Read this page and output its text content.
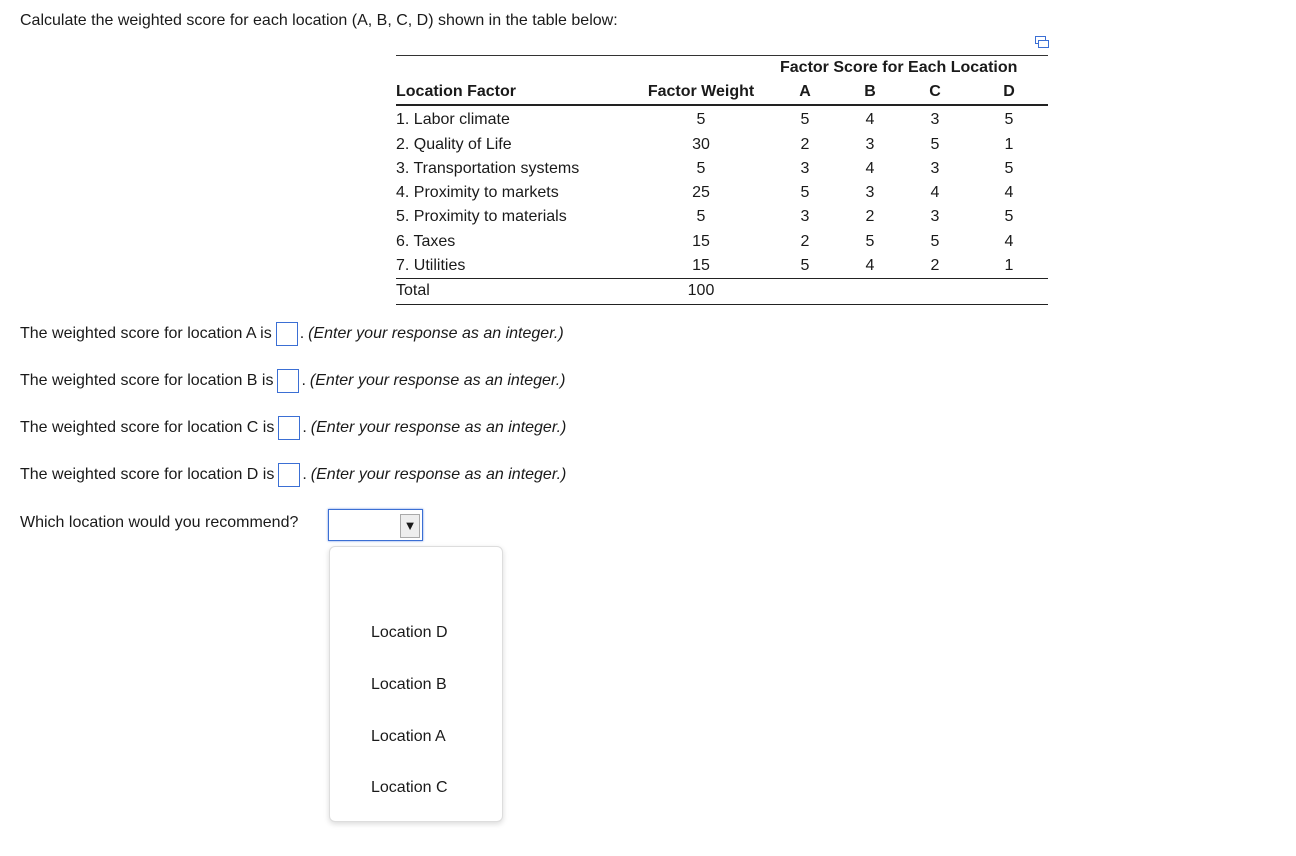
Calculate the weighted score for each location (A, B, C, D) shown in the table below:
Factor Score for Each Location
Location Factor	Factor Weight	A	B	C	D
1. Labor climate	5	5	4	3	5
2. Quality of Life	30	2	3	5	1
3. Transportation systems	5	3	4	3	5
4. Proximity to markets	25	5	3	4	4
5. Proximity to materials	5	3	2	3	5
6. Taxes	15	2	5	5	4
7. Utilities	15	5	4	2	1
Total	100
The weighted score for location A is . (Enter your response as an integer.)
The weighted score for location B is . (Enter your response as an integer.)
The weighted score for location C is . (Enter your response as an integer.)
The weighted score for location D is . (Enter your response as an integer.)
Which location would you recommend?	▼
Location D
Location B
Location A
Location C
